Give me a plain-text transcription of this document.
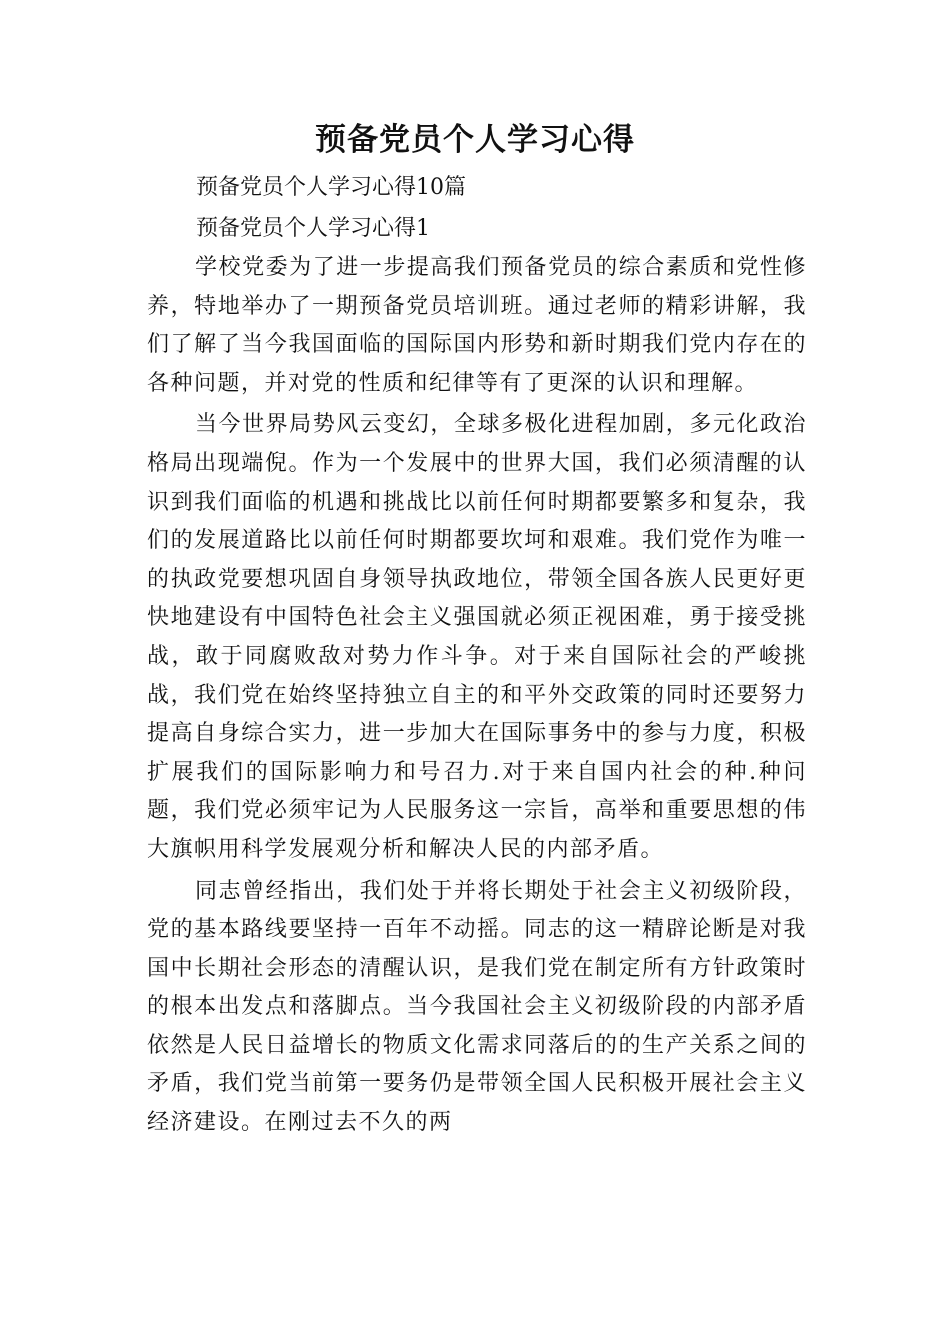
预备党员个人学习心得
预备党员个人学习心得10篇
预备党员个人学习心得1

学校党委为了进一步提高我们预备党员的综合素质和党性修养，特地举办了一期预备党员培训班。通过老师的精彩讲解，我们了解了当今我国面临的国际国内形势和新时期我们党内存在的各种问题，并对党的性质和纪律等有了更深的认识和理解。

当今世界局势风云变幻，全球多极化进程加剧，多元化政治格局出现端倪。作为一个发展中的世界大国，我们必须清醒的认识到我们面临的机遇和挑战比以前任何时期都要繁多和复杂，我们的发展道路比以前任何时期都要坎坷和艰难。我们党作为唯一的执政党要想巩固自身领导执政地位，带领全国各族人民更好更快地建设有中国特色社会主义强国就必须正视困难，勇于接受挑战，敢于同腐败敌对势力作斗争。对于来自国际社会的严峻挑战，我们党在始终坚持独立自主的和平外交政策的同时还要努力提高自身综合实力，进一步加大在国际事务中的参与力度，积极扩展我们的国际影响力和号召力.对于来自国内社会的种.种问题，我们党必须牢记为人民服务这一宗旨，高举和重要思想的伟大旗帜用科学发展观分析和解决人民的内部矛盾。

同志曾经指出，我们处于并将长期处于社会主义初级阶段，党的基本路线要坚持一百年不动摇。同志的这一精辟论断是对我国中长期社会形态的清醒认识，是我们党在制定所有方针政策时的根本出发点和落脚点。当今我国社会主义初级阶段的内部矛盾依然是人民日益增长的物质文化需求同落后的的生产关系之间的矛盾，我们党当前第一要务仍是带领全国人民积极开展社会主义经济建设。在刚过去不久的两
